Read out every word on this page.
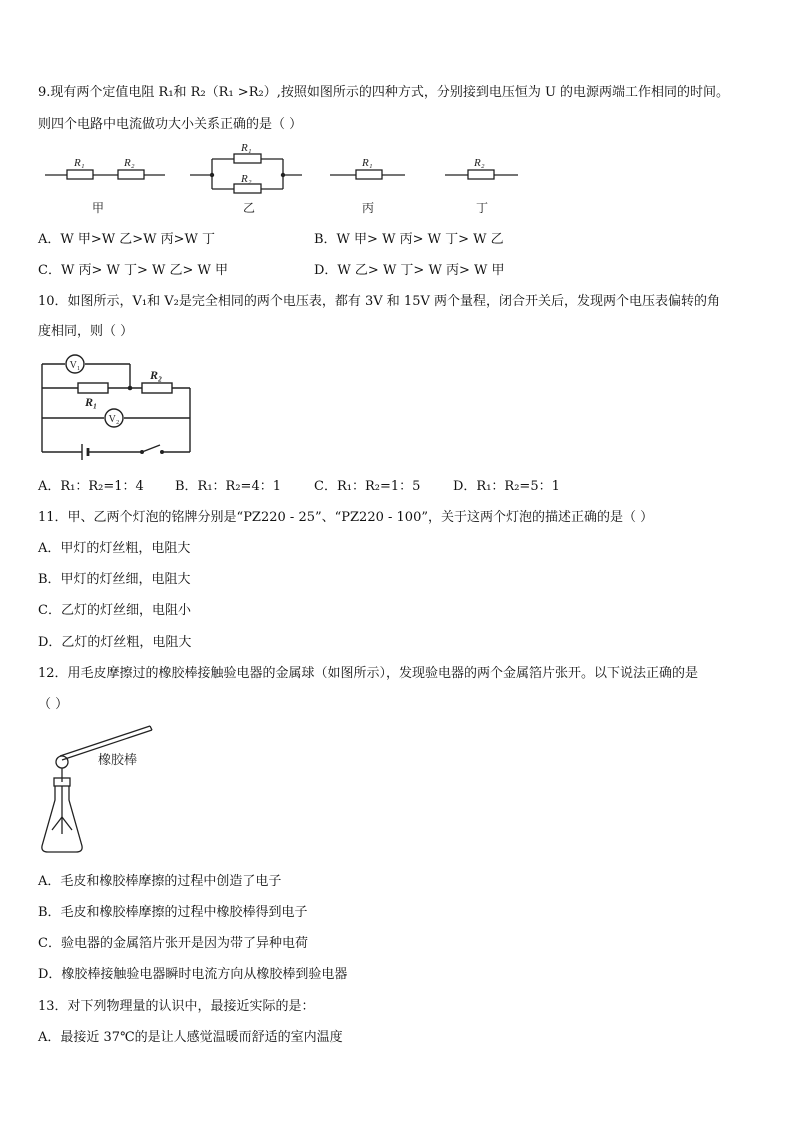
9.现有两个定值电阻 R₁和 R₂（R₁ >R₂）,按照如图所示的四种方式，分别接到电压恒为 U 的电源两端工作相同的时间。
则四个电路中电流做功大小关系正确的是（ ）
R₁	R₂
R₁
R₂
R₁	R₂
甲	乙	丙	丁
A．W 甲>W 乙>W 丙>W 丁	B．W 甲> W 丙> W 丁> W 乙
C．W 丙> W 丁> W 乙> W 甲	D．W 乙> W 丁> W 丙> W 甲
10．如图所示，V₁和 V₂是完全相同的两个电压表，都有 3V 和 15V 两个量程，闭合开关后，发现两个电压表偏转的角
度相同，则（ ）
V₁
V₂
R₂
R₁
A．R₁：R₂=1：4 B．R₁：R₂=4：1	C．R₁：R₂=1：5	D．R₁：R₂=5：1
11．甲、乙两个灯泡的铭牌分别是“PZ220 - 25”、“PZ220 - 100”，关于这两个灯泡的描述正确的是（ ）
A．甲灯的灯丝粗，电阻大
B．甲灯的灯丝细，电阻大
C．乙灯的灯丝细，电阻小
D．乙灯的灯丝粗，电阻大
12．用毛皮摩擦过的橡胶棒接触验电器的金属球（如图所示），发现验电器的两个金属箔片张开。以下说法正确的是
（ ）
橡胶棒
A．毛皮和橡胶棒摩擦的过程中创造了电子
B．毛皮和橡胶棒摩擦的过程中橡胶棒得到电子
C．验电器的金属箔片张开是因为带了异种电荷
D．橡胶棒接触验电器瞬时电流方向从橡胶棒到验电器
13．对下列物理量的认识中，最接近实际的是：
A．最接近 37℃的是让人感觉温暖而舒适的室内温度
